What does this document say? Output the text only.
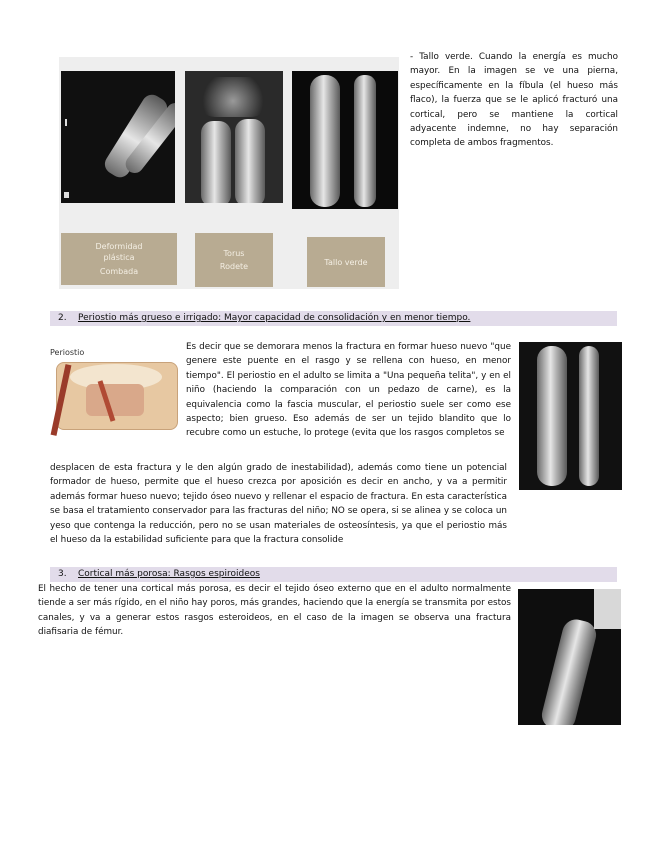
Deformidad
plástica
Combada
Torus
Rodete	Tallo verde

- Tallo verde. Cuando la energía es mucho mayor. En la imagen se ve una pierna, específicamente en la fíbula (el hueso más flaco), la fuerza que se le aplicó fracturó una cortical, pero se mantiene la cortical adyacente indemne, no hay separación completa de ambos fragmentos.

2. Periostio más grueso e irrigado: Mayor capacidad de consolidación y en menor tiempo.
Periostio

Es decir que se demorara menos la fractura en formar hueso nuevo "que genere este puente en el rasgo y se rellena con hueso, en menor tiempo". El periostio en el adulto se limita a "Una pequeña telita", y en el niño (haciendo la comparación con un pedazo de carne), es la equivalencia como la fascia muscular, el periostio suele ser como ese aspecto; bien grueso. Eso además de ser un tejido blandito que lo recubre como un estuche, lo protege (evita que los rasgos completos se

desplacen de esta fractura y le den algún grado de inestabilidad), además como tiene un potencial formador de hueso, permite que el hueso crezca por aposición es decir en ancho, y va a permitir además formar hueso nuevo; tejido óseo nuevo y rellenar el espacio de fractura. En esta característica se basa el tratamiento conservador para las fracturas del niño; NO se opera, si se alinea y se coloca un yeso que contenga la reducción, pero no se usan materiales de osteosíntesis, ya que el periostio más el hueso da la estabilidad suficiente para que la fractura consolide

3. Cortical más porosa: Rasgos espiroideos

El hecho de tener una cortical más porosa, es decir el tejido óseo externo que en el adulto normalmente tiende a ser más rígido, en el niño hay poros, más grandes, haciendo que la energía se transmita por estos canales, y va a generar estos rasgos esteroideos, en el caso de la imagen se observa una fractura diafisaria de fémur.
